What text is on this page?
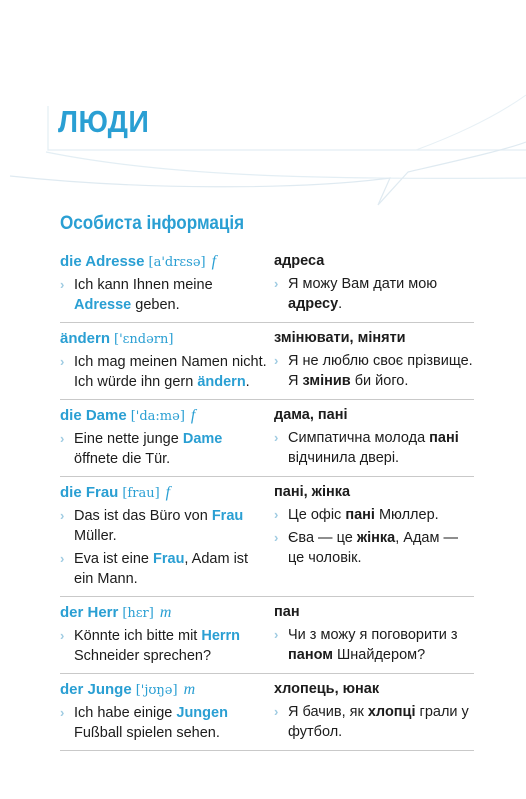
ЛЮДИ
Особиста інформація
die Adresse [a'drɛsə] f
› Ich kann Ihnen meine Adresse geben.
адреса
› Я можу Вам дати мою адресу.
ändern ['ɛndərn]
› Ich mag meinen Namen nicht. Ich würde ihn gern ändern.
змінювати, міняти
› Я не люблю своє прізвище. Я змінив би його.
die Dame ['da:mə] f
› Eine nette junge Dame öffnete die Tür.
дама, пані
› Симпатична молода пані відчинила двері.
die Frau [frau] f
› Das ist das Büro von Frau Müller.
› Eva ist eine Frau, Adam ist ein Mann.
пані, жінка
› Це офіс пані Мюллер.
› Єва — це жінка, Адам — це чоловік.
der Herr [hɛr] m
› Könnte ich bitte mit Herrn Schneider sprechen?
пан
› Чи з можу я поговорити з паном Шнайдером?
der Junge ['jʊŋə] m
› Ich habe einige Jungen Fußball spielen sehen.
хлопець, юнак
› Я бачив, як хлопці грали у футбол.
